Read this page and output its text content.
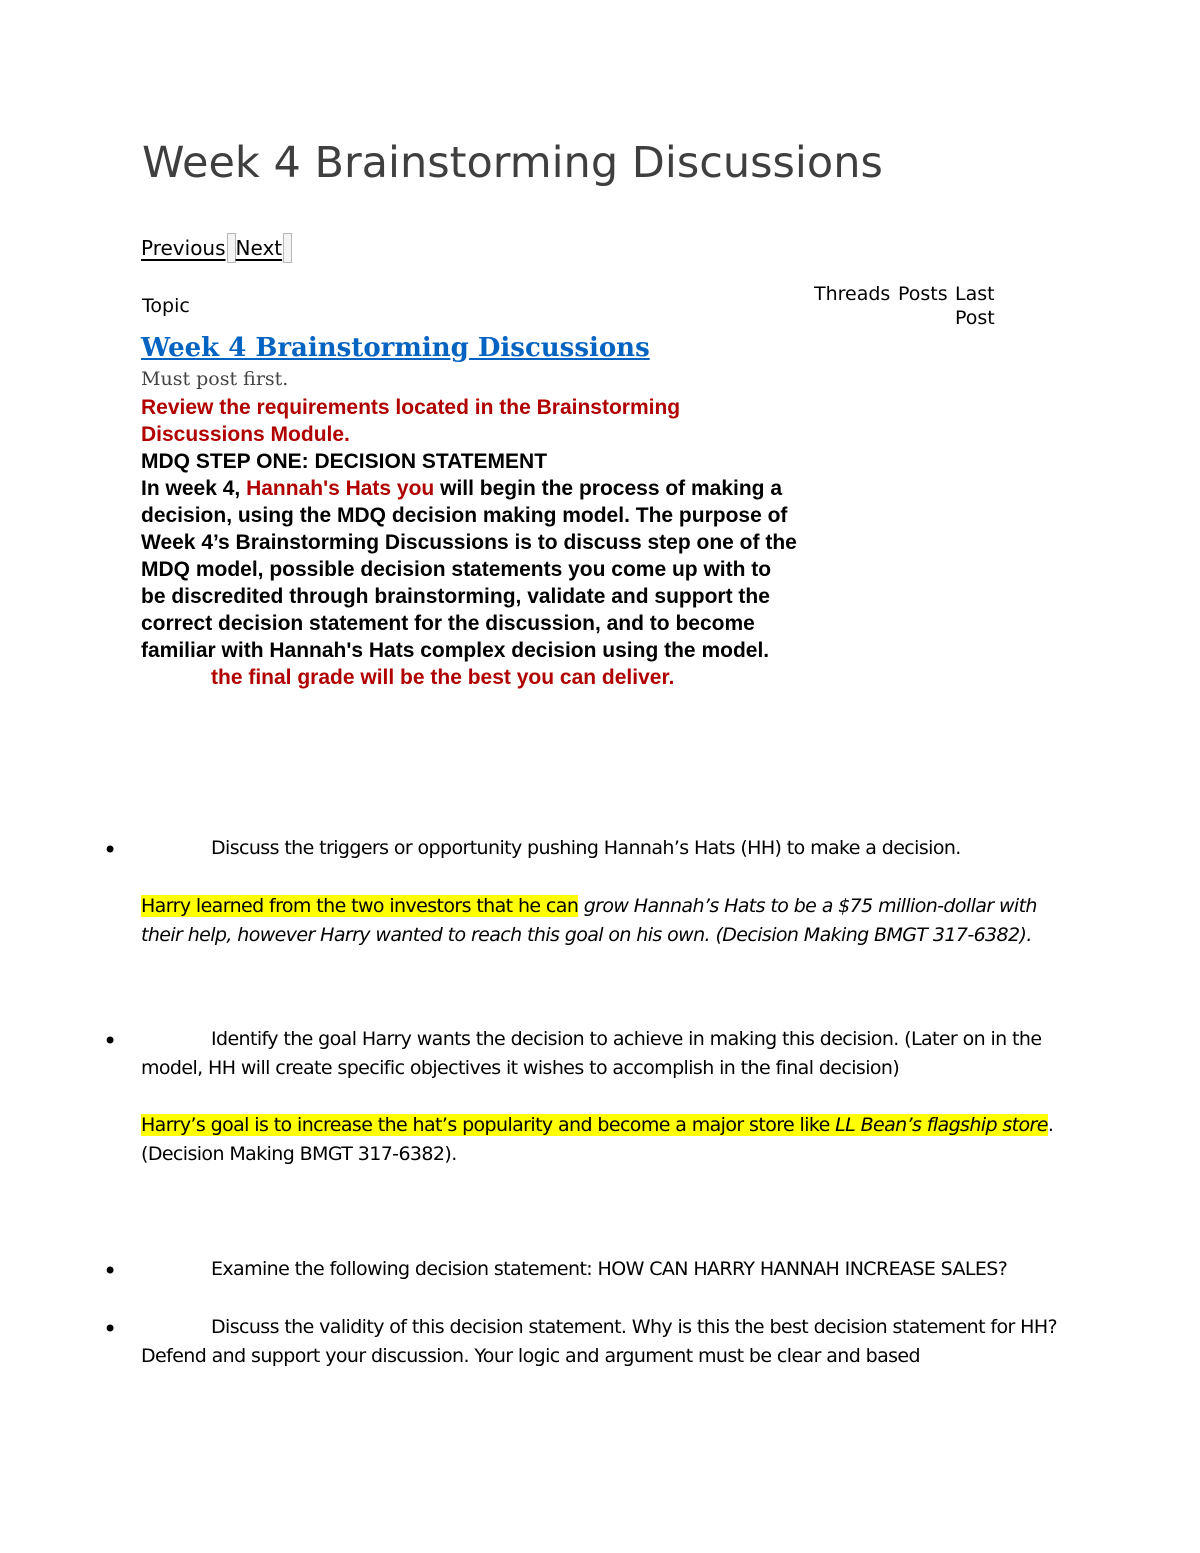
Week 4 Brainstorming Discussions
Previous Next
Topic
Threads Posts Last Post
Week 4 Brainstorming Discussions
Must post first.
Review the requirements located in the Brainstorming Discussions Module.
MDQ STEP ONE: DECISION STATEMENT
In week 4, Hannah's Hats you will begin the process of making a decision, using the MDQ decision making model. The purpose of Week 4’s Brainstorming Discussions is to discuss step one of the MDQ model, possible decision statements you come up with to be discredited through brainstorming, validate and support the correct decision statement for the discussion, and to become familiar with Hannah's Hats complex decision using the model.
the final grade will be the best you can deliver.
•	Discuss the triggers or opportunity pushing Hannah’s Hats (HH) to make a decision.
Harry learned from the two investors that he can grow Hannah’s Hats to be a $75 million-dollar with their help, however Harry wanted to reach this goal on his own. (Decision Making BMGT 317-6382).
•	Identify the goal Harry wants the decision to achieve in making this decision. (Later on in the model, HH will create specific objectives it wishes to accomplish in the final decision)
Harry’s goal is to increase the hat’s popularity and become a major store like LL Bean’s flagship store. (Decision Making BMGT 317-6382).
•	Examine the following decision statement: HOW CAN HARRY HANNAH INCREASE SALES?
•	Discuss the validity of this decision statement. Why is this the best decision statement for HH? Defend and support your discussion. Your logic and argument must be clear and based
